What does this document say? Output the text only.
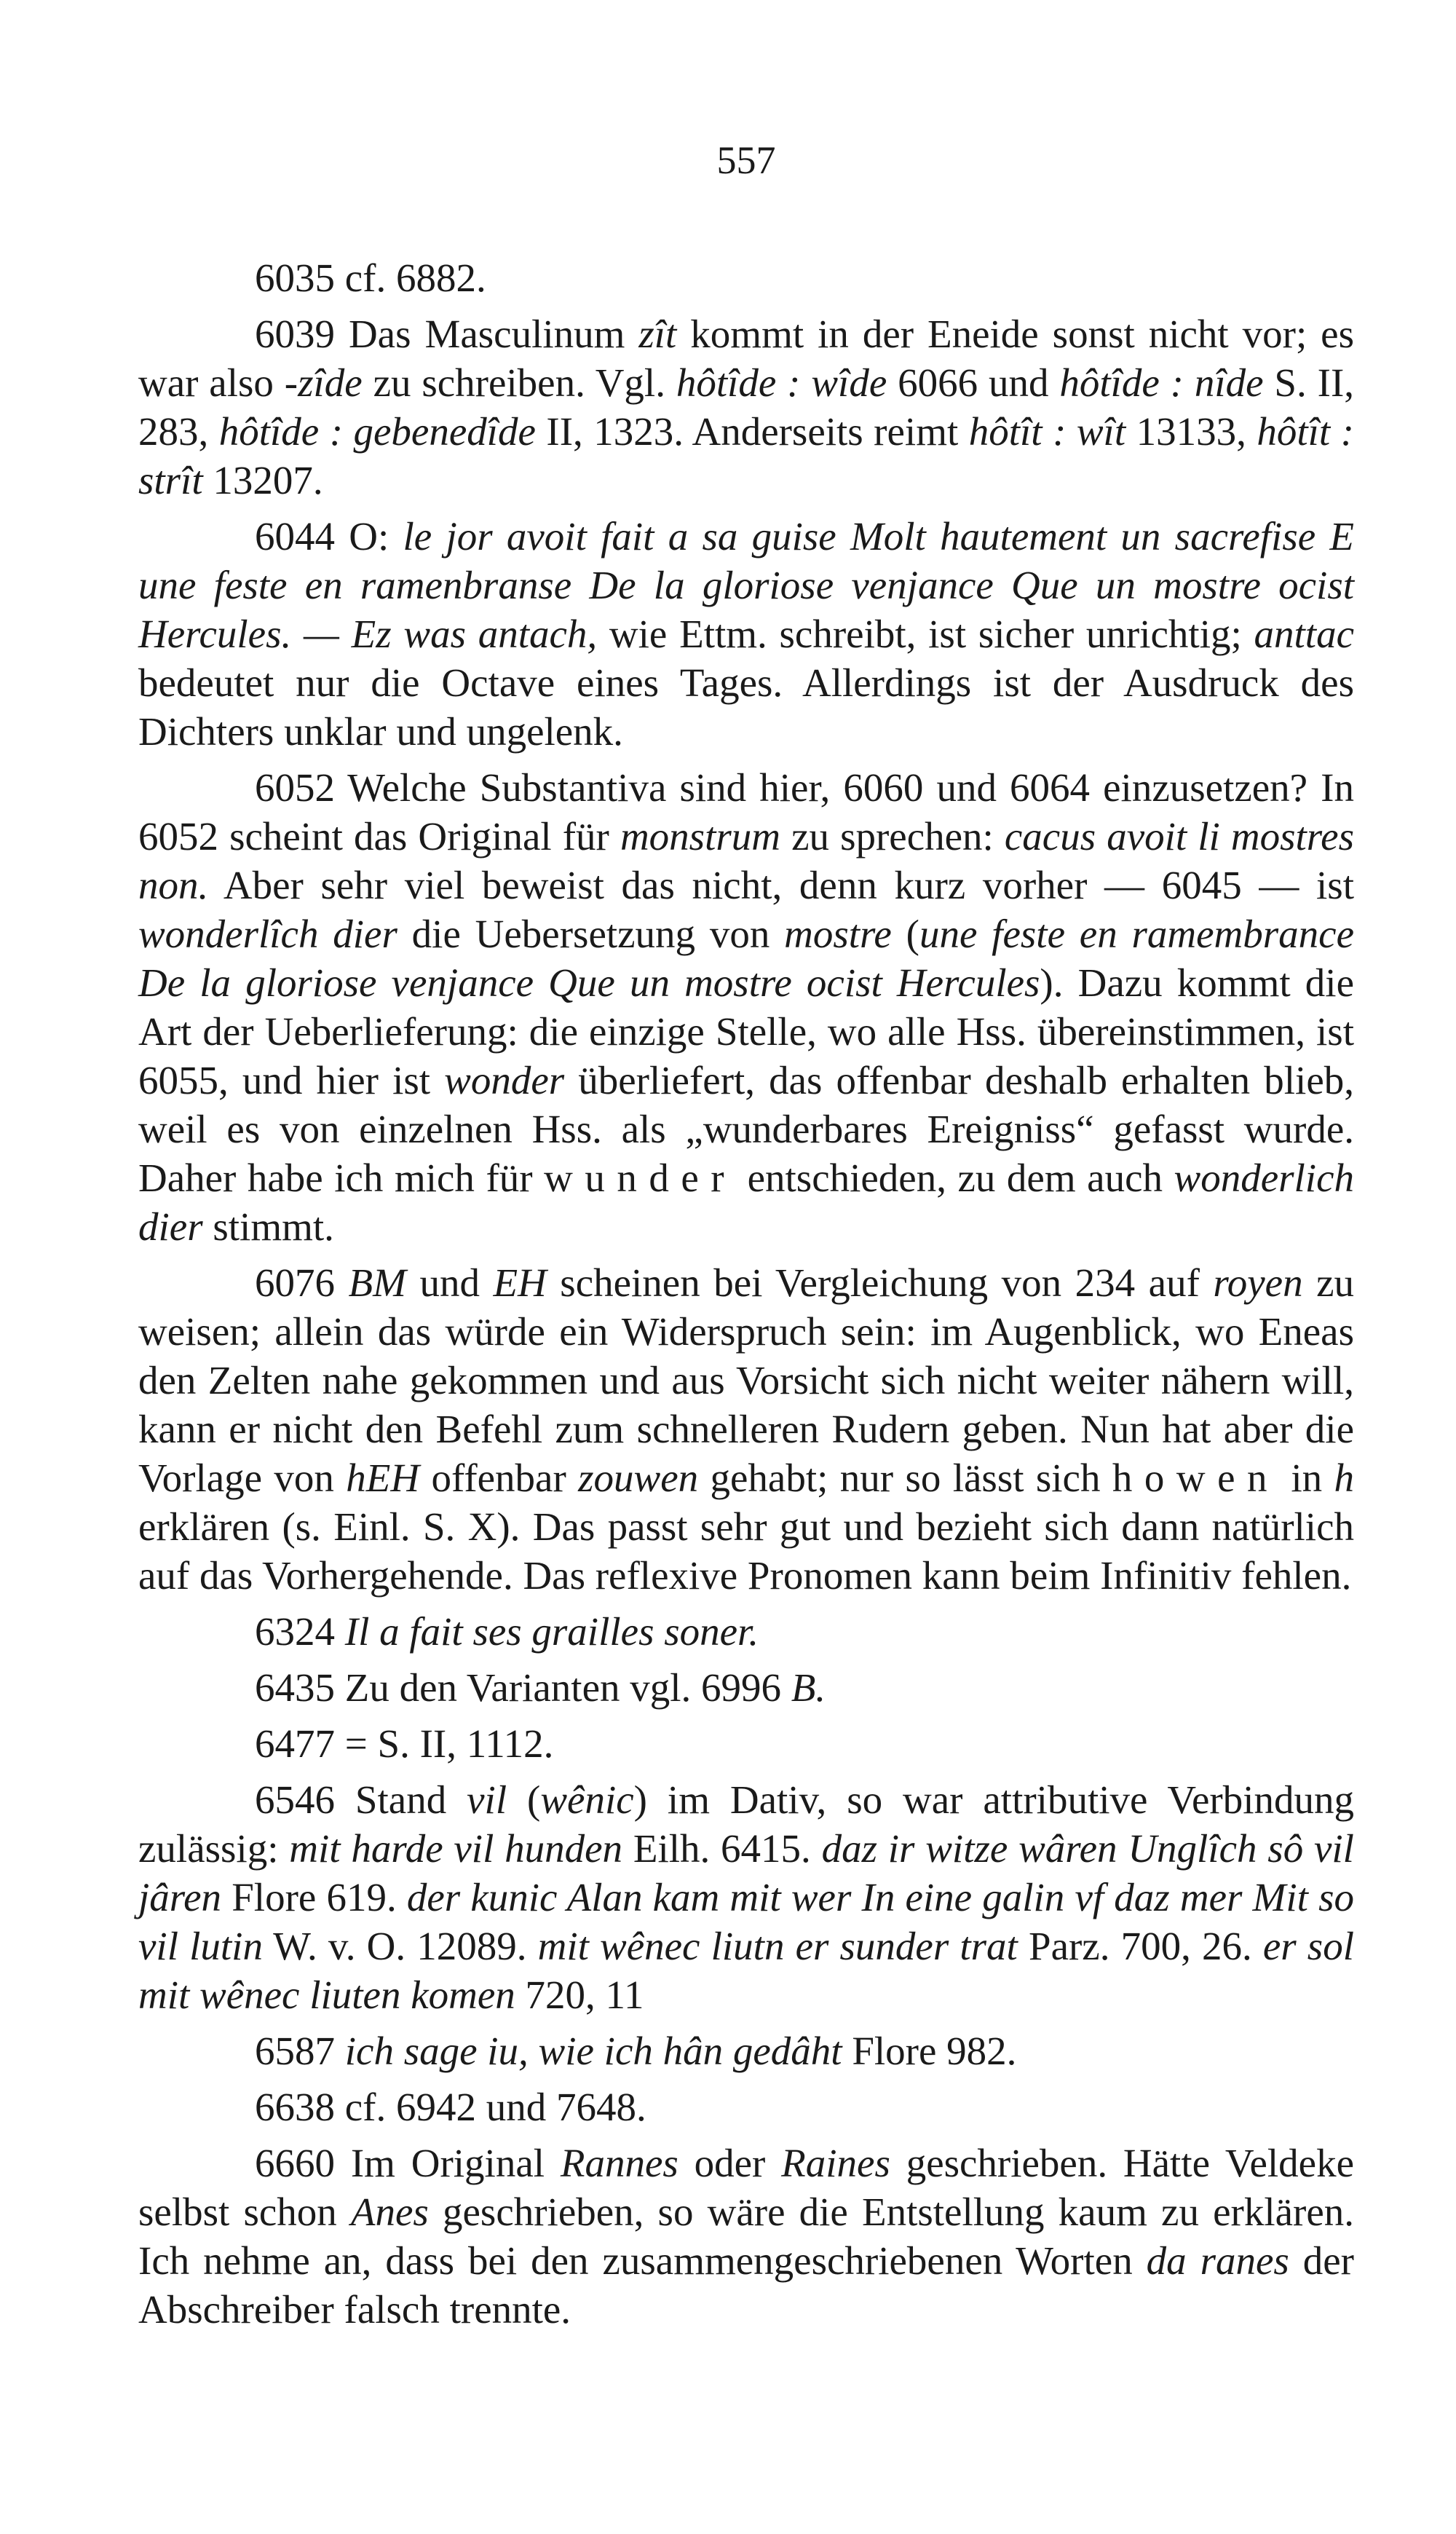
557

6035 cf. 6882.

6039 Das Masculinum zît kommt in der Eneide sonst nicht vor; es war also -zîde zu schreiben. Vgl. hôtîde : wîde 6066 und hôtîde : nîde S. II, 283, hôtîde : gebenedîde II, 1323. Anderseits reimt hôtît : wît 13133, hôtît : strît 13207.

6044 O: le jor avoit fait a sa guise Molt hautement un sacrefise E une feste en ramenbranse De la gloriose venjance Que un mostre ocist Hercules. — Ez was antach, wie Ettm. schreibt, ist sicher unrichtig; anttac bedeutet nur die Octave eines Tages. Allerdings ist der Ausdruck des Dichters unklar und ungelenk.

6052 Welche Substantiva sind hier, 6060 und 6064 einzusetzen? In 6052 scheint das Original für monstrum zu sprechen: cacus avoit li mostres non. Aber sehr viel beweist das nicht, denn kurz vorher — 6045 — ist wonderlîch dier die Uebersetzung von mostre (une feste en ramembrance De la gloriose venjance Que un mostre ocist Hercules). Dazu kommt die Art der Ueberlieferung: die einzige Stelle, wo alle Hss. übereinstimmen, ist 6055, und hier ist wonder überliefert, das offenbar deshalb erhalten blieb, weil es von einzelnen Hss. als „wunderbares Ereigniss“ gefasst wurde. Daher habe ich mich für wunder entschieden, zu dem auch wonderlich dier stimmt.

6076 BM und EH scheinen bei Vergleichung von 234 auf royen zu weisen; allein das würde ein Widerspruch sein: im Augenblick, wo Eneas den Zelten nahe gekommen und aus Vorsicht sich nicht weiter nähern will, kann er nicht den Befehl zum schnelleren Rudern geben. Nun hat aber die Vorlage von hEH offenbar zouwen gehabt; nur so lässt sich howen in h erklären (s. Einl. S. X). Das passt sehr gut und bezieht sich dann natürlich auf das Vorhergehende. Das reflexive Pronomen kann beim Infinitiv fehlen.

6324 Il a fait ses grailles soner.

6435 Zu den Varianten vgl. 6996 B.

6477 = S. II, 1112.

6546 Stand vil (wênic) im Dativ, so war attributive Verbindung zulässig: mit harde vil hunden Eilh. 6415. daz ir witze wâren Unglîch sô vil jâren Flore 619. der kunic Alan kam mit wer In eine galin vf daz mer Mit so vil lutin W. v. O. 12089. mit wênec liutn er sunder trat Parz. 700, 26. er sol mit wênec liuten komen 720, 11

6587 ich sage iu, wie ich hân gedâht Flore 982.

6638 cf. 6942 und 7648.

6660 Im Original Rannes oder Raines geschrieben. Hätte Veldeke selbst schon Anes geschrieben, so wäre die Entstellung kaum zu erklären. Ich nehme an, dass bei den zusammengeschriebenen Worten da ranes der Abschreiber falsch trennte.
